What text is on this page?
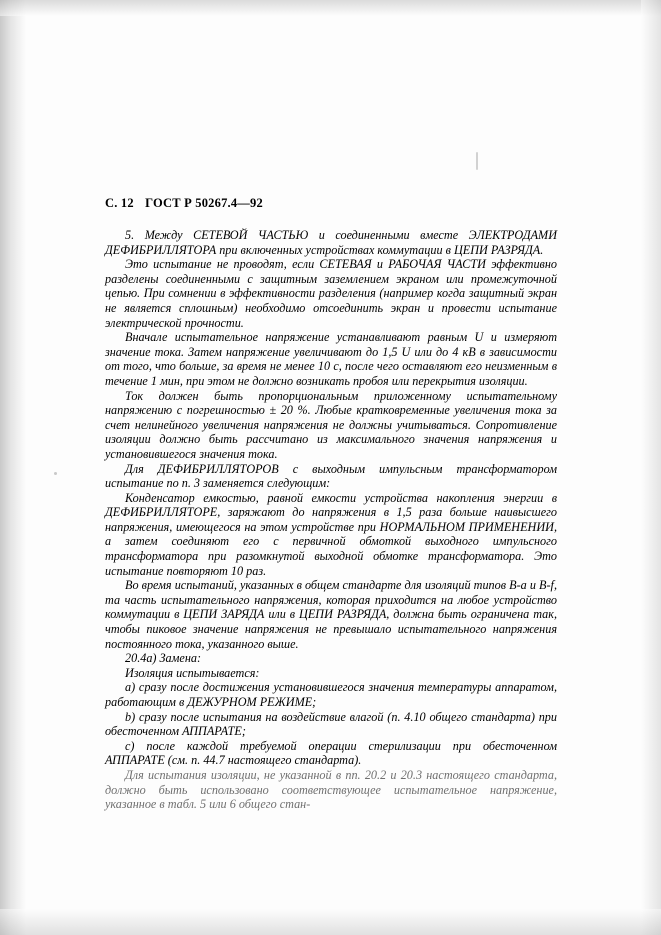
С. 12 ГОСТ Р 50267.4—92

5. Между СЕТЕВОЙ ЧАСТЬЮ и соединенными вместе ЭЛЕКТРОДАМИ ДЕФИБРИЛЛЯТОРА при включенных устройствах коммутации в ЦЕПИ РАЗРЯДА.

Это испытание не проводят, если СЕТЕВАЯ и РАБОЧАЯ ЧАСТИ эффективно разделены соединенными с защитным заземлением экраном или промежуточной цепью. При сомнении в эффективности разделения (например когда защитный экран не является сплошным) необходимо отсоединить экран и провести испытание электрической прочности.

Вначале испытательное напряжение устанавливают равным U и измеряют значение тока. Затем напряжение увеличивают до 1,5 U или до 4 кВ в зависимости от того, что больше, за время не менее 10 с, после чего оставляют его неизменным в течение 1 мин, при этом не должно возникать пробоя или перекрытия изоляции.

Ток должен быть пропорциональным приложенному испытательному напряжению с погрешностью ± 20 %. Любые кратковременные увеличения тока за счет нелинейного увеличения напряжения не должны учитываться. Сопротивление изоляции должно быть рассчитано из максимального значения напряжения и установившегося значения тока.

Для ДЕФИБРИЛЛЯТОРОВ с выходным импульсным трансформатором испытание по п. 3 заменяется следующим:

Конденсатор емкостью, равной емкости устройства накопления энергии в ДЕФИБРИЛЛЯТОРЕ, заряжают до напряжения в 1,5 раза больше наивысшего напряжения, имеющегося на этом устройстве при НОРМАЛЬНОМ ПРИМЕНЕНИИ, а затем соединяют его с первичной обмоткой выходного импульсного трансформатора при разомкнутой выходной обмотке трансформатора. Это испытание повторяют 10 раз.

Во время испытаний, указанных в общем стандарте для изоляций типов В-а и В-f, та часть испытательного напряжения, которая приходится на любое устройство коммутации в ЦЕПИ ЗАРЯДА или в ЦЕПИ РАЗРЯДА, должна быть ограничена так, чтобы пиковое значение напряжения не превышало испытательного напряжения постоянного тока, указанного выше.

20.4а) Замена:

Изоляция испытывается:

а) сразу после достижения установившегося значения температуры аппаратом, работающим в ДЕЖУРНОМ РЕЖИМЕ;

b) сразу после испытания на воздействие влагой (п. 4.10 общего стандарта) при обесточенном АППАРАТЕ;

с) после каждой требуемой операции стерилизации при обесточенном АППАРАТЕ (см. п. 44.7 настоящего стандарта).

Для испытания изоляции, не указанной в пп. 20.2 и 20.3 настоящего стандарта, должно быть использовано соответствующее испытательное напряжение, указанное в табл. 5 или 6 общего стан-
